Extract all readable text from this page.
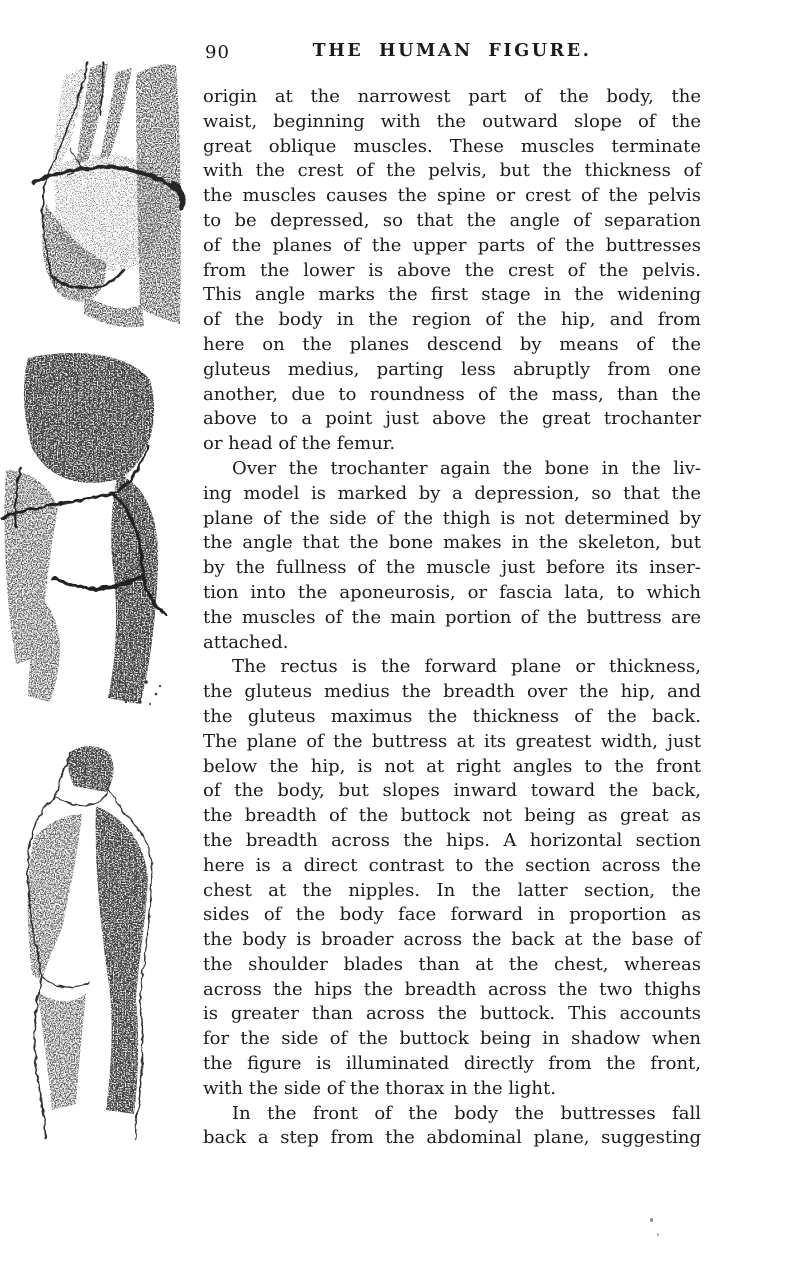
90	THE HUMAN FIGURE.
origin at the narrowest part of the body, the
waist, beginning with the outward slope of the
great oblique muscles. These muscles terminate
with the crest of the pelvis, but the thickness of
the muscles causes the spine or crest of the pelvis
to be depressed, so that the angle of separation
of the planes of the upper parts of the buttresses
from the lower is above the crest of the pelvis.
This angle marks the first stage in the widening
of the body in the region of the hip, and from
here on the planes descend by means of the
gluteus medius, parting less abruptly from one
another, due to roundness of the mass, than the
above to a point just above the great trochanter
or head of the femur.
Over the trochanter again the bone in the liv-
ing model is marked by a depression, so that the
plane of the side of the thigh is not determined by
the angle that the bone makes in the skeleton, but
by the fullness of the muscle just before its inser-
tion into the aponeurosis, or fascia lata, to which
the muscles of the main portion of the buttress are
attached.
The rectus is the forward plane or thickness,
the gluteus medius the breadth over the hip, and
the gluteus maximus the thickness of the back.
The plane of the buttress at its greatest width, just
below the hip, is not at right angles to the front
of the body, but slopes inward toward the back,
the breadth of the buttock not being as great as
the breadth across the hips. A horizontal section
here is a direct contrast to the section across the
chest at the nipples. In the latter section, the
sides of the body face forward in proportion as
the body is broader across the back at the base of
the shoulder blades than at the chest, whereas
across the hips the breadth across the two thighs
is greater than across the buttock. This accounts
for the side of the buttock being in shadow when
the figure is illuminated directly from the front,
with the side of the thorax in the light.
In the front of the body the buttresses fall
back a step from the abdominal plane, suggesting
